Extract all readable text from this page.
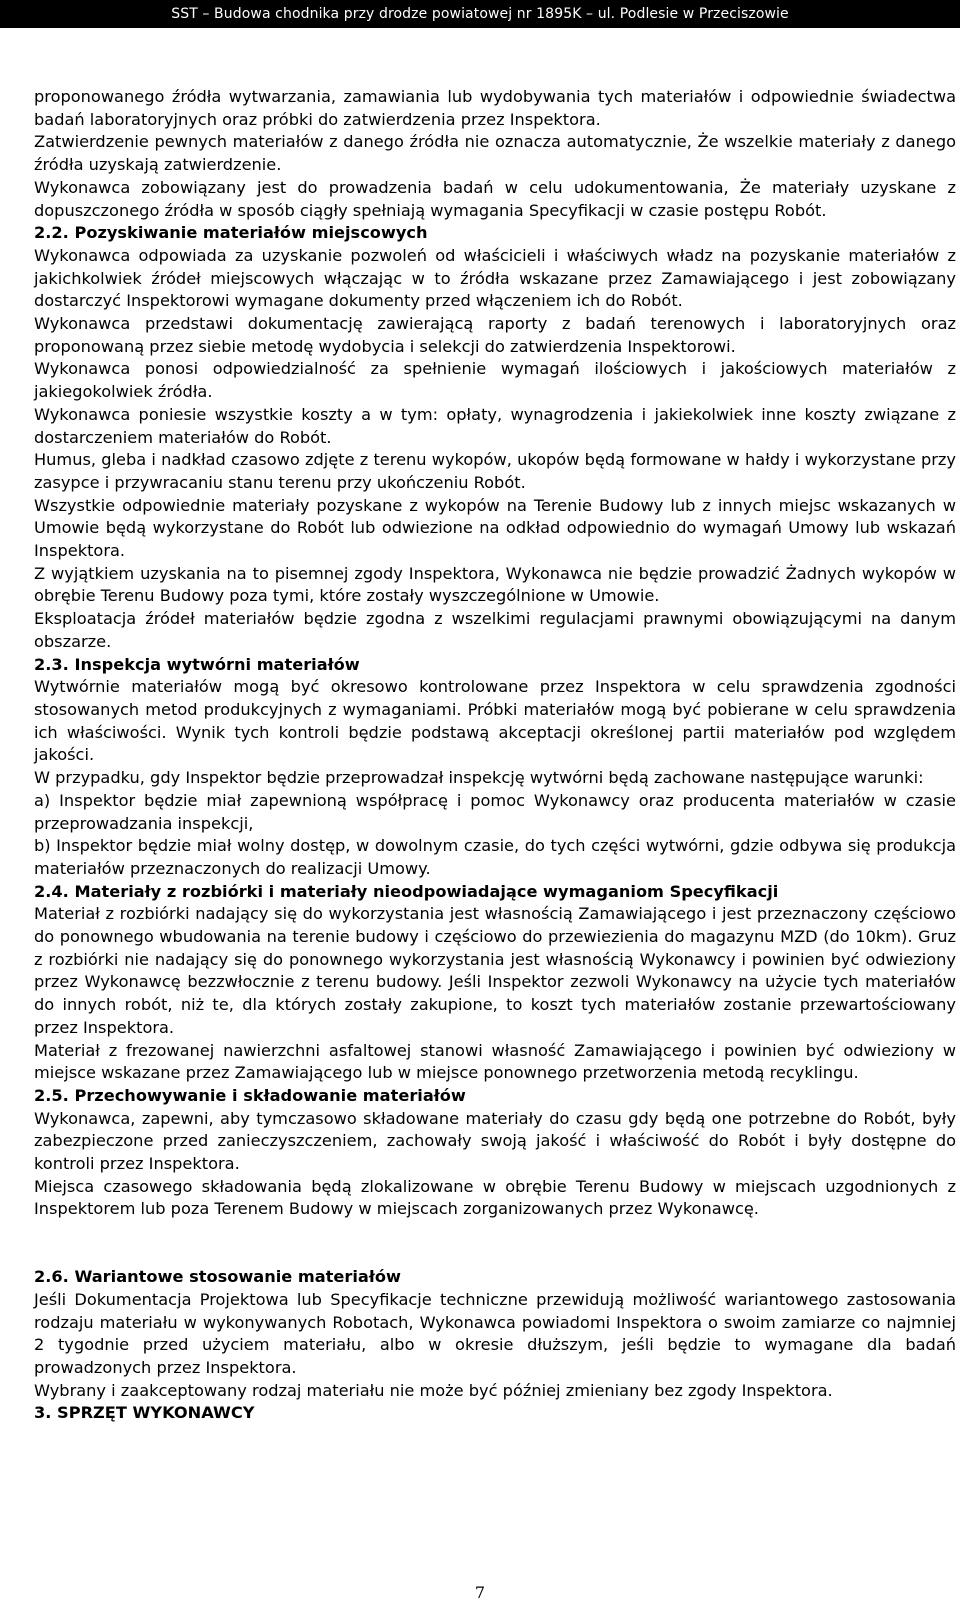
SST – Budowa chodnika przy drodze powiatowej nr 1895K – ul. Podlesie w Przeciszowie

proponowanego źródła wytwarzania, zamawiania lub wydobywania tych materiałów i odpowiednie świadectwa badań laboratoryjnych oraz próbki do zatwierdzenia przez Inspektora.

Zatwierdzenie pewnych materiałów z danego źródła nie oznacza automatycznie, Że wszelkie materiały z danego źródła uzyskają zatwierdzenie.

Wykonawca zobowiązany jest do prowadzenia badań w celu udokumentowania, Że materiały uzyskane z dopuszczonego źródła w sposób ciągły spełniają wymagania Specyfikacji w czasie postępu Robót.

2.2. Pozyskiwanie materiałów miejscowych

Wykonawca odpowiada za uzyskanie pozwoleń od właścicieli i właściwych władz na pozyskanie materiałów z jakichkolwiek źródeł miejscowych włączając w to źródła wskazane przez Zamawiającego i jest zobowiązany dostarczyć Inspektorowi wymagane dokumenty przed włączeniem ich do Robót.

Wykonawca przedstawi dokumentację zawierającą raporty z badań terenowych i laboratoryjnych oraz proponowaną przez siebie metodę wydobycia i selekcji do zatwierdzenia Inspektorowi.

Wykonawca ponosi odpowiedzialność za spełnienie wymagań ilościowych i jakościowych materiałów z jakiegokolwiek źródła.

Wykonawca poniesie wszystkie koszty a w tym: opłaty, wynagrodzenia i jakiekolwiek inne koszty związane z dostarczeniem materiałów do Robót.

Humus, gleba i nadkład czasowo zdjęte z terenu wykopów, ukopów będą formowane w hałdy i wykorzystane przy zasypce i przywracaniu stanu terenu przy ukończeniu Robót.

Wszystkie odpowiednie materiały pozyskane z wykopów na Terenie Budowy lub z innych miejsc wskazanych w Umowie będą wykorzystane do Robót lub odwiezione na odkład odpowiednio do wymagań Umowy lub wskazań Inspektora.

Z wyjątkiem uzyskania na to pisemnej zgody Inspektora, Wykonawca nie będzie prowadzić Żadnych wykopów w obrębie Terenu Budowy poza tymi, które zostały wyszczególnione w Umowie.

Eksploatacja źródeł materiałów będzie zgodna z wszelkimi regulacjami prawnymi obowiązującymi na danym obszarze.

2.3. Inspekcja wytwórni materiałów

Wytwórnie materiałów mogą być okresowo kontrolowane przez Inspektora w celu sprawdzenia zgodności stosowanych metod produkcyjnych z wymaganiami. Próbki materiałów mogą być pobierane w celu sprawdzenia ich właściwości. Wynik tych kontroli będzie podstawą akceptacji określonej partii materiałów pod względem jakości.

W przypadku, gdy Inspektor będzie przeprowadzał inspekcję wytwórni będą zachowane następujące warunki:

a) Inspektor będzie miał zapewnioną współpracę i pomoc Wykonawcy oraz producenta materiałów w czasie przeprowadzania inspekcji,

b) Inspektor będzie miał wolny dostęp, w dowolnym czasie, do tych części wytwórni, gdzie odbywa się produkcja materiałów przeznaczonych do realizacji Umowy.

2.4. Materiały z rozbiórki i materiały nieodpowiadające wymaganiom Specyfikacji

Materiał z rozbiórki nadający się do wykorzystania jest własnością Zamawiającego i jest przeznaczony częściowo do ponownego wbudowania na terenie budowy i częściowo do przewiezienia do magazynu MZD (do 10km). Gruz z rozbiórki nie nadający się do ponownego wykorzystania jest własnością Wykonawcy i powinien być odwieziony przez Wykonawcę bezzwłocznie z terenu budowy. Jeśli Inspektor zezwoli Wykonawcy na użycie tych materiałów do innych robót, niż te, dla których zostały zakupione, to koszt tych materiałów zostanie przewartościowany przez Inspektora.

Materiał z frezowanej nawierzchni asfaltowej stanowi własność Zamawiającego i powinien być odwieziony w miejsce wskazane przez Zamawiającego lub w miejsce ponownego przetworzenia metodą recyklingu.

2.5. Przechowywanie i składowanie materiałów

Wykonawca, zapewni, aby tymczasowo składowane materiały do czasu gdy będą one potrzebne do Robót, były zabezpieczone przed zanieczyszczeniem, zachowały swoją jakość i właściwość do Robót i były dostępne do kontroli przez Inspektora.

Miejsca czasowego składowania będą zlokalizowane w obrębie Terenu Budowy w miejscach uzgodnionych z Inspektorem lub poza Terenem Budowy w miejscach zorganizowanych przez Wykonawcę.

2.6. Wariantowe stosowanie materiałów

Jeśli Dokumentacja Projektowa lub Specyfikacje techniczne przewidują możliwość wariantowego zastosowania rodzaju materiału w wykonywanych Robotach, Wykonawca powiadomi Inspektora o swoim zamiarze co najmniej 2 tygodnie przed użyciem materiału, albo w okresie dłuższym, jeśli będzie to wymagane dla badań prowadzonych przez Inspektora.

Wybrany i zaakceptowany rodzaj materiału nie może być później zmieniany bez zgody Inspektora.

3. SPRZĘT WYKONAWCY
7
